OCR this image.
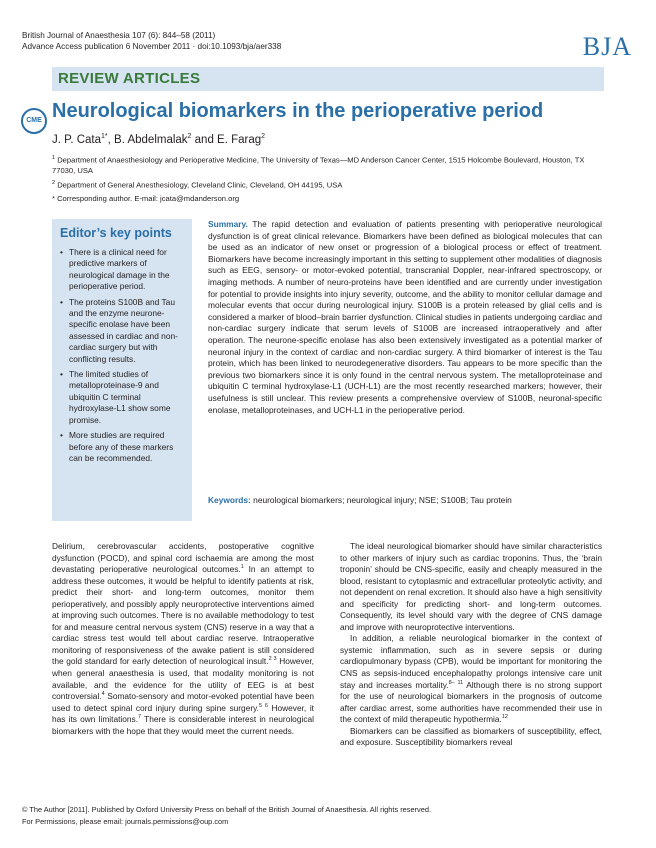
British Journal of Anaesthesia 107 (6): 844–58 (2011)
Advance Access publication 6 November 2011 · doi:10.1093/bja/aer338	BJA
REVIEW ARTICLES
CME Neurological biomarkers in the perioperative period
J. P. Cata$^{1*}$, B. Abdelmalak$^2$ and E. Farag$^2$
$^1$ Department of Anaesthesiology and Perioperative Medicine, The University of Texas—MD Anderson Cancer Center, 1515 Holcombe Boulevard, Houston, TX 77030, USA
$^2$ Department of General Anesthesiology, Cleveland Clinic, Cleveland, OH 44195, USA
* Corresponding author. E-mail: jcata@mdanderson.org
Editor’s key points
• There is a clinical need for predictive markers of neurological damage in the perioperative period.
• The proteins S100B and Tau and the enzyme neurone-specific enolase have been assessed in cardiac and non-cardiac surgery but with conflicting results.
• The limited studies of metalloproteinase-9 and ubiquitin C terminal hydroxylase-L1 show some promise.
• More studies are required before any of these markers can be recommended.
Summary. The rapid detection and evaluation of patients presenting with perioperative neurological dysfunction is of great clinical relevance. Biomarkers have been defined as biological molecules that can be used as an indicator of new onset or progression of a biological process or effect of treatment. Biomarkers have become increasingly important in this setting to supplement other modalities of diagnosis such as EEG, sensory- or motor-evoked potential, transcranial Doppler, near-infrared spectroscopy, or imaging methods. A number of neuro-proteins have been identified and are currently under investigation for potential to provide insights into injury severity, outcome, and the ability to monitor cellular damage and molecular events that occur during neurological injury. S100B is a protein released by glial cells and is considered a marker of blood–brain barrier dysfunction. Clinical studies in patients undergoing cardiac and non-cardiac surgery indicate that serum levels of S100B are increased intraoperatively and after operation. The neurone-specific enolase has also been extensively investigated as a potential marker of neuronal injury in the context of cardiac and non-cardiac surgery. A third biomarker of interest is the Tau protein, which has been linked to neurodegenerative disorders. Tau appears to be more specific than the previous two biomarkers since it is only found in the central nervous system. The metalloproteinase and ubiquitin C terminal hydroxylase-L1 (UCH-L1) are the most recently researched markers; however, their usefulness is still unclear. This review presents a comprehensive overview of S100B, neuronal-specific enolase, metalloproteinases, and UCH-L1 in the perioperative period.
Keywords: neurological biomarkers; neurological injury; NSE; S100B; Tau protein

Delirium, cerebrovascular accidents, postoperative cognitive dysfunction (POCD), and spinal cord ischaemia are among the most devastating perioperative neurological outcomes.$^1$ In an attempt to address these outcomes, it would be helpful to identify patients at risk, predict their short- and long-term outcomes, monitor them perioperatively, and possibly apply neuroprotective interventions aimed at improving such outcomes. There is no available methodology to test for and measure central nervous system (CNS) reserve in a way that a cardiac stress test would tell about cardiac reserve. Intraoperative monitoring of responsiveness of the awake patient is still considered the gold standard for early detection of neurological insult.$^{2 3}$ However, when general anaesthesia is used, that modality monitoring is not available, and the evidence for the utility of EEG is at best controversial.$^4$ Somato-sensory and motor-evoked potential have been used to detect spinal cord injury during spine surgery.$^{5 6}$ However, it has its own limitations.$^7$ There is considerable interest in neurological biomarkers with the hope that they would meet the current needs.

The ideal neurological biomarker should have similar characteristics to other markers of injury such as cardiac troponins. Thus, the ‘brain troponin’ should be CNS-specific, easily and cheaply measured in the blood, resistant to cytoplasmic and extracellular proteolytic activity, and not dependent on renal excretion. It should also have a high sensitivity and specificity for predicting short- and long-term outcomes. Consequently, its level should vary with the degree of CNS damage and improve with neuroprotective interventions.

In addition, a reliable neurological biomarker in the context of systemic inflammation, such as in severe sepsis or during cardiopulmonary bypass (CPB), would be important for monitoring the CNS as sepsis-induced encephalopathy prolongs intensive care unit stay and increases mortality.$^{8- 11}$ Although there is no strong support for the use of neurological biomarkers in the prognosis of outcome after cardiac arrest, some authorities have recommended their use in the context of mild therapeutic hypothermia.$^{12}$

Biomarkers can be classified as biomarkers of susceptibility, effect, and exposure. Susceptibility biomarkers reveal

© The Author [2011]. Published by Oxford University Press on behalf of the British Journal of Anaesthesia. All rights reserved.
For Permissions, please email: journals.permissions@oup.com
